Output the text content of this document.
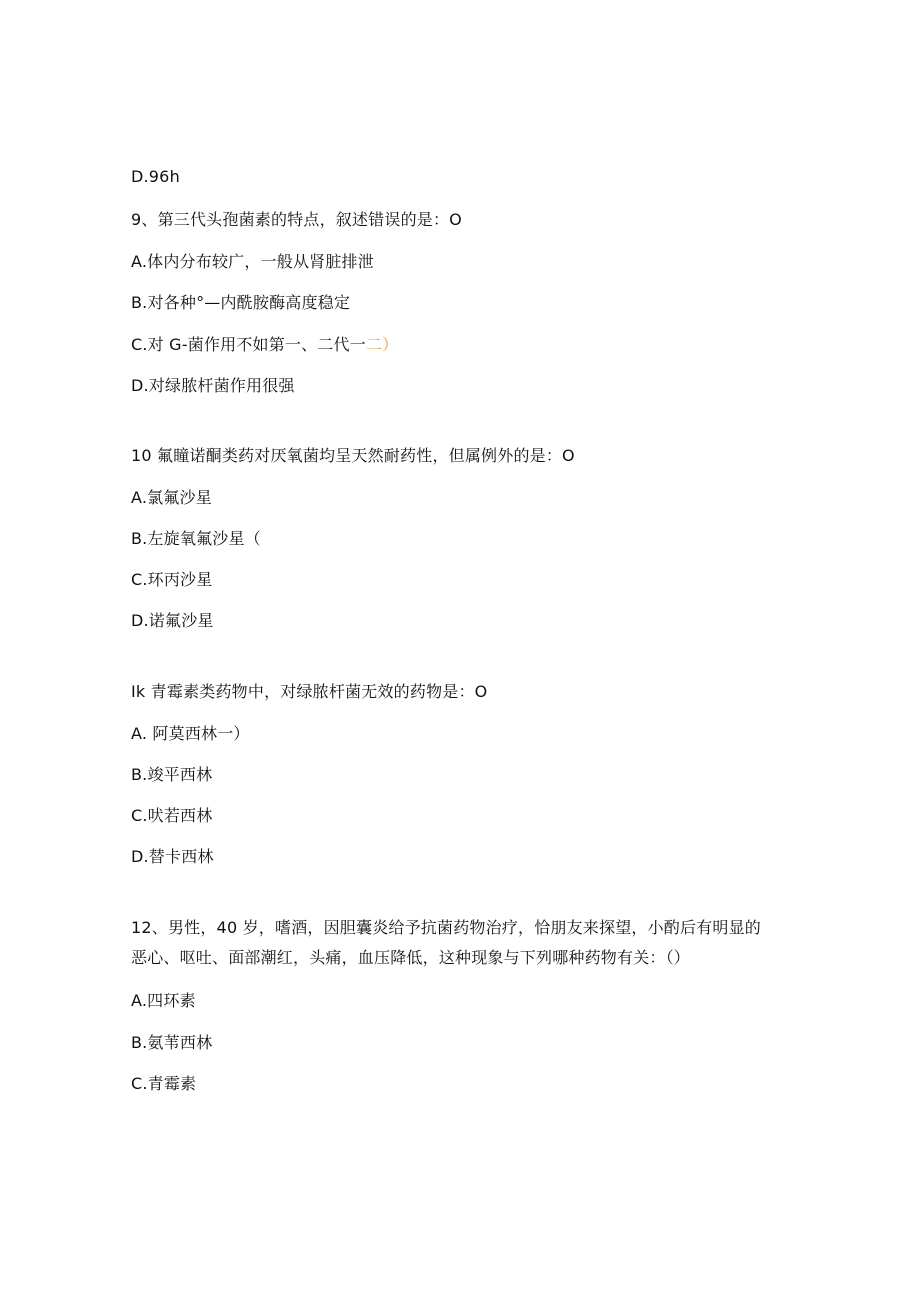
D.96h
9、第三代头孢菌素的特点，叙述错误的是：O
A.体内分布较广，一般从肾脏排泄
B.对各种°—内酰胺酶高度稳定
C.对 G-菌作用不如第一、二代一二）
D.对绿脓杆菌作用很强
10 氟瞳诺酮类药对厌氧菌均呈天然耐药性，但属例外的是：O
A.氯氟沙星
B.左旋氧氟沙星（
C.环丙沙星
D.诺氟沙星
Ik 青霉素类药物中，对绿脓杆菌无效的药物是：O
A. 阿莫西林一）
B.竣平西林
C.吠若西林
D.替卡西林
12、男性，40 岁，嗜酒，因胆囊炎给予抗菌药物治疗，恰朋友来探望，小酌后有明显的
恶心、呕吐、面部潮红，头痛，血压降低，这种现象与下列哪种药物有关：（）
A.四环素
B.氨苇西林
C.青霉素
